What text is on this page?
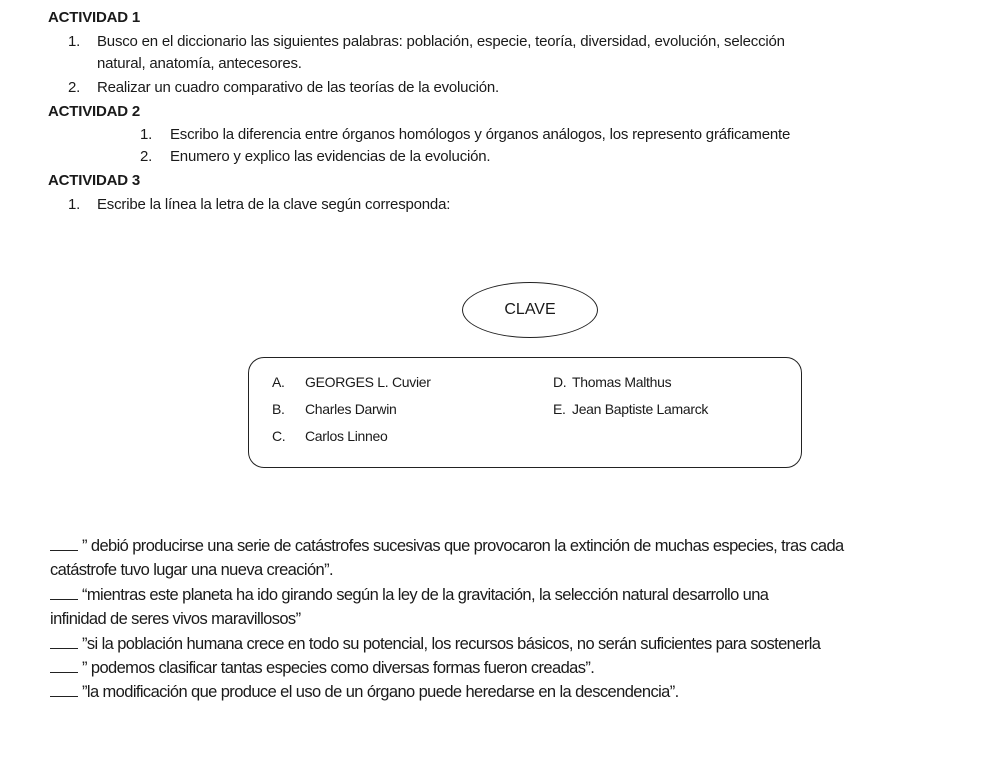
ACTIVIDAD 1
1. Busco en el diccionario las siguientes palabras: población, especie, teoría, diversidad, evolución, selección
natural, anatomía, antecesores.
2. Realizar un cuadro comparativo de las teorías de la evolución.
ACTIVIDAD 2
1. Escribo la diferencia entre órganos homólogos y órganos análogos, los represento gráficamente
2. Enumero y explico las evidencias de la evolución.
ACTIVIDAD 3
1. Escribe la línea la letra de la clave según corresponda:
CLAVE
A. GEORGES L. Cuvier
B. Charles Darwin
C. Carlos Linneo
D. Thomas Malthus
E. Jean Baptiste Lamarck
” debió producirse una serie de catástrofes sucesivas que provocaron la extinción de muchas especies, tras cada
catástrofe tuvo lugar una nueva creación”.
“mientras este planeta ha ido girando según la ley de la gravitación, la selección natural desarrollo una
infinidad de seres vivos maravillosos”
”si la población humana crece en todo su potencial, los recursos básicos, no serán suficientes para sostenerla
” podemos clasificar tantas especies como diversas formas fueron creadas”.
”la modificación que produce el uso de un órgano puede heredarse en la descendencia”.
